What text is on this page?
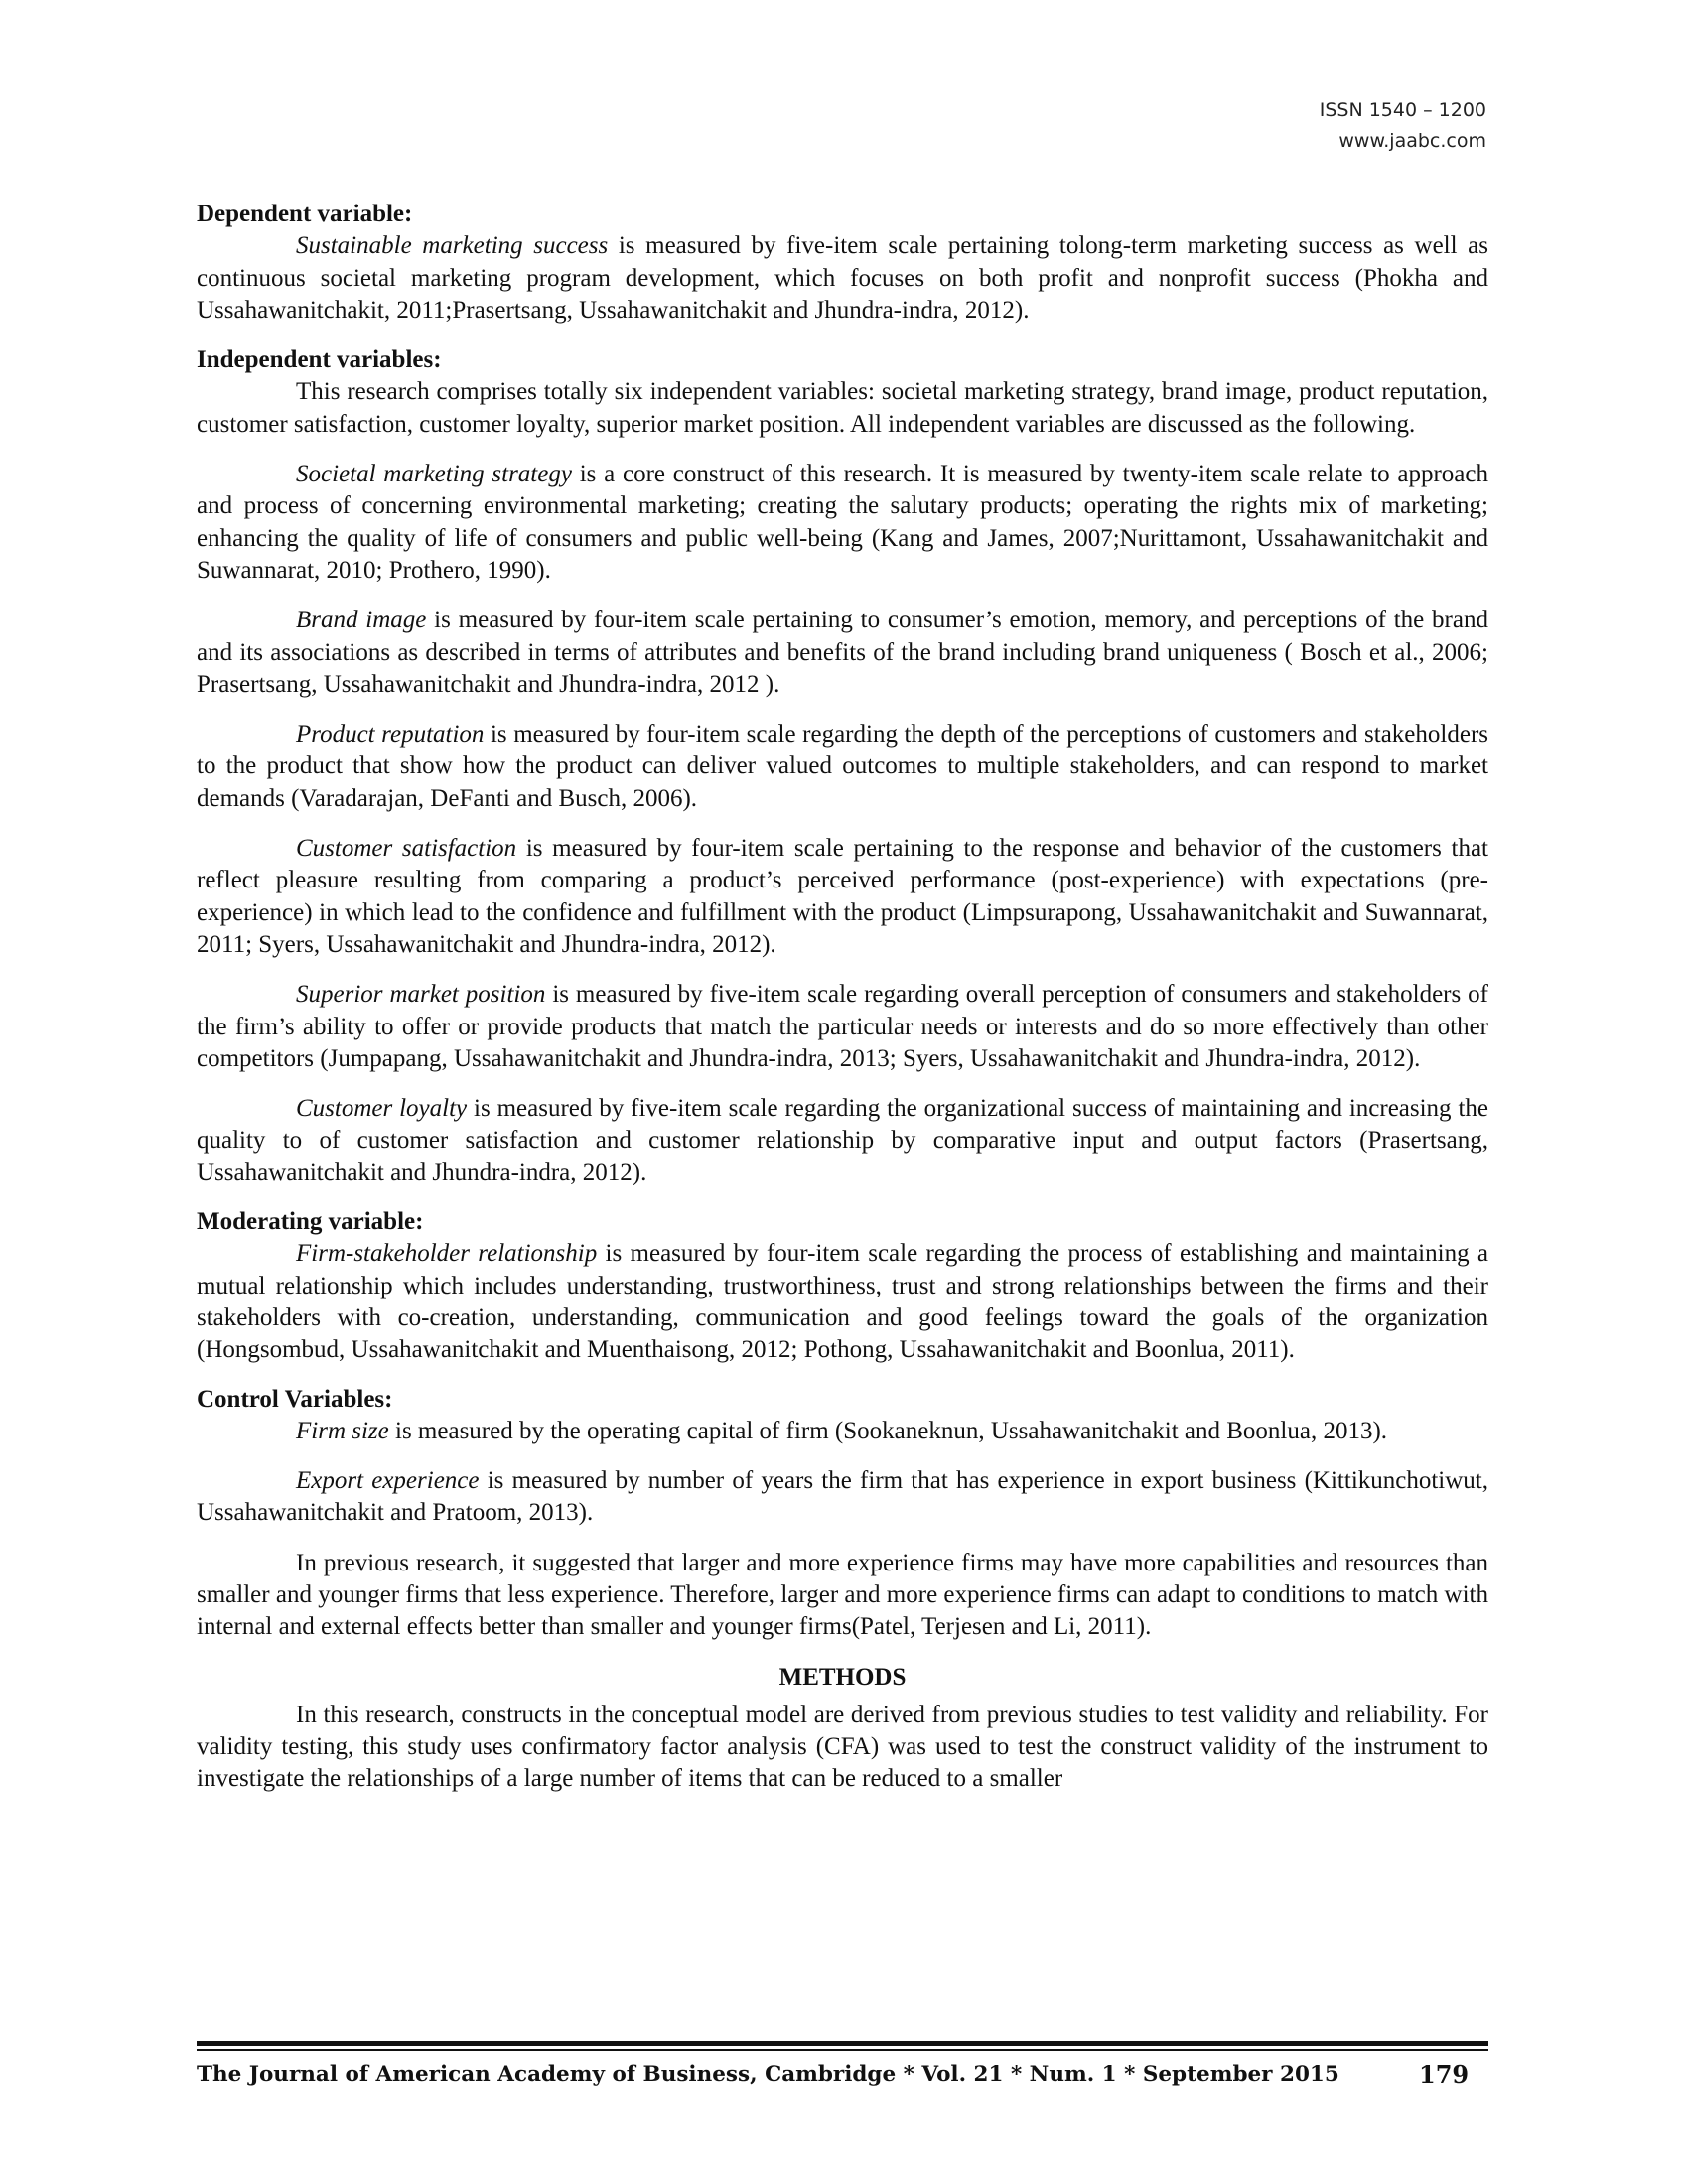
ISSN 1540 – 1200
www.jaabc.com

Dependent variable:

Sustainable marketing success is measured by five-item scale pertaining tolong-term marketing success as well as continuous societal marketing program development, which focuses on both profit and nonprofit success (Phokha and Ussahawanitchakit, 2011;Prasertsang, Ussahawanitchakit and Jhundra-indra, 2012).

Independent variables:

This research comprises totally six independent variables: societal marketing strategy, brand image, product reputation, customer satisfaction, customer loyalty, superior market position. All independent variables are discussed as the following.

Societal marketing strategy is a core construct of this research. It is measured by twenty-item scale relate to approach and process of concerning environmental marketing; creating the salutary products; operating the rights mix of marketing; enhancing the quality of life of consumers and public well-being (Kang and James, 2007;Nurittamont, Ussahawanitchakit and Suwannarat, 2010; Prothero, 1990).

Brand image is measured by four-item scale pertaining to consumer’s emotion, memory, and perceptions of the brand and its associations as described in terms of attributes and benefits of the brand including brand uniqueness ( Bosch et al., 2006; Prasertsang, Ussahawanitchakit and Jhundra-indra, 2012 ).

Product reputation is measured by four-item scale regarding the depth of the perceptions of customers and stakeholders to the product that show how the product can deliver valued outcomes to multiple stakeholders, and can respond to market demands (Varadarajan, DeFanti and Busch, 2006).

Customer satisfaction is measured by four-item scale pertaining to the response and behavior of the customers that reflect pleasure resulting from comparing a product’s perceived performance (post-experience) with expectations (pre-experience) in which lead to the confidence and fulfillment with the product (Limpsurapong, Ussahawanitchakit and Suwannarat, 2011; Syers, Ussahawanitchakit and Jhundra-indra, 2012).

Superior market position is measured by five-item scale regarding overall perception of consumers and stakeholders of the firm’s ability to offer or provide products that match the particular needs or interests and do so more effectively than other competitors (Jumpapang, Ussahawanitchakit and Jhundra-indra, 2013; Syers, Ussahawanitchakit and Jhundra-indra, 2012).

Customer loyalty is measured by five-item scale regarding the organizational success of maintaining and increasing the quality to of customer satisfaction and customer relationship by comparative input and output factors (Prasertsang, Ussahawanitchakit and Jhundra-indra, 2012).

Moderating variable:

Firm-stakeholder relationship is measured by four-item scale regarding the process of establishing and maintaining a mutual relationship which includes understanding, trustworthiness, trust and strong relationships between the firms and their stakeholders with co-creation, understanding, communication and good feelings toward the goals of the organization (Hongsombud, Ussahawanitchakit and Muenthaisong, 2012; Pothong, Ussahawanitchakit and Boonlua, 2011).

Control Variables:

Firm size is measured by the operating capital of firm (Sookaneknun, Ussahawanitchakit and Boonlua, 2013).

Export experience is measured by number of years the firm that has experience in export business (Kittikunchotiwut, Ussahawanitchakit and Pratoom, 2013).

In previous research, it suggested that larger and more experience firms may have more capabilities and resources than smaller and younger firms that less experience. Therefore, larger and more experience firms can adapt to conditions to match with internal and external effects better than smaller and younger firms(Patel, Terjesen and Li, 2011).

METHODS

In this research, constructs in the conceptual model are derived from previous studies to test validity and reliability. For validity testing, this study uses confirmatory factor analysis (CFA) was used to test the construct validity of the instrument to investigate the relationships of a large number of items that can be reduced to a smaller

The Journal of American Academy of Business, Cambridge * Vol. 21 * Num. 1 * September 2015	179
